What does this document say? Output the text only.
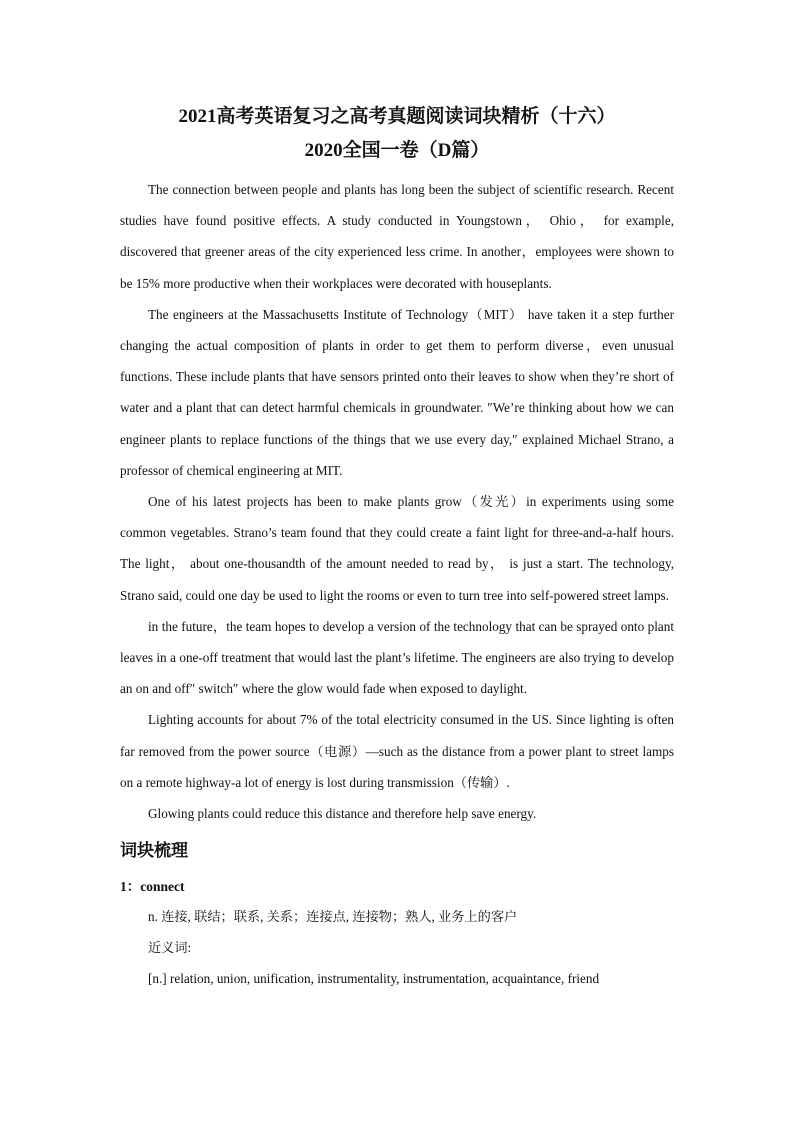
2021高考英语复习之高考真题阅读词块精析（十六）
2020全国一卷（D篇）

The connection between people and plants has long been the subject of scientific research. Recent studies have found positive effects. A study conducted in Youngstown， Ohio， for example, discovered that greener areas of the city experienced less crime. In another，employees were shown to be 15% more productive when their workplaces were decorated with houseplants.

The engineers at the Massachusetts Institute of Technology（MIT） have taken it a step further changing the actual composition of plants in order to get them to perform diverse，even unusual functions. These include plants that have sensors printed onto their leaves to show when they’re short of water and a plant that can detect harmful chemicals in groundwater. ″We’re thinking about how we can engineer plants to replace functions of the things that we use every day,″ explained Michael Strano, a professor of chemical engineering at MIT.

One of his latest projects has been to make plants grow（发光）in experiments using some common vegetables. Strano’s team found that they could create a faint light for three-and-a-half hours. The light， about one-thousandth of the amount needed to read by， is just a start. The technology, Strano said, could one day be used to light the rooms or even to turn tree into self-powered street lamps.

in the future，the team hopes to develop a version of the technology that can be sprayed onto plant leaves in a one-off treatment that would last the plant’s lifetime. The engineers are also trying to develop an on and off″ switch″ where the glow would fade when exposed to daylight.

Lighting accounts for about 7% of the total electricity consumed in the US. Since lighting is often far removed from the power source（电源）—such as the distance from a power plant to street lamps on a remote highway-a lot of energy is lost during transmission（传输）.

Glowing plants could reduce this distance and therefore help save energy.

词块梳理

1：connect

n. 连接, 联结；联系, 关系；连接点, 连接物；熟人, 业务上的客户

近义词:

[n.] relation, union, unification, instrumentality, instrumentation, acquaintance, friend
